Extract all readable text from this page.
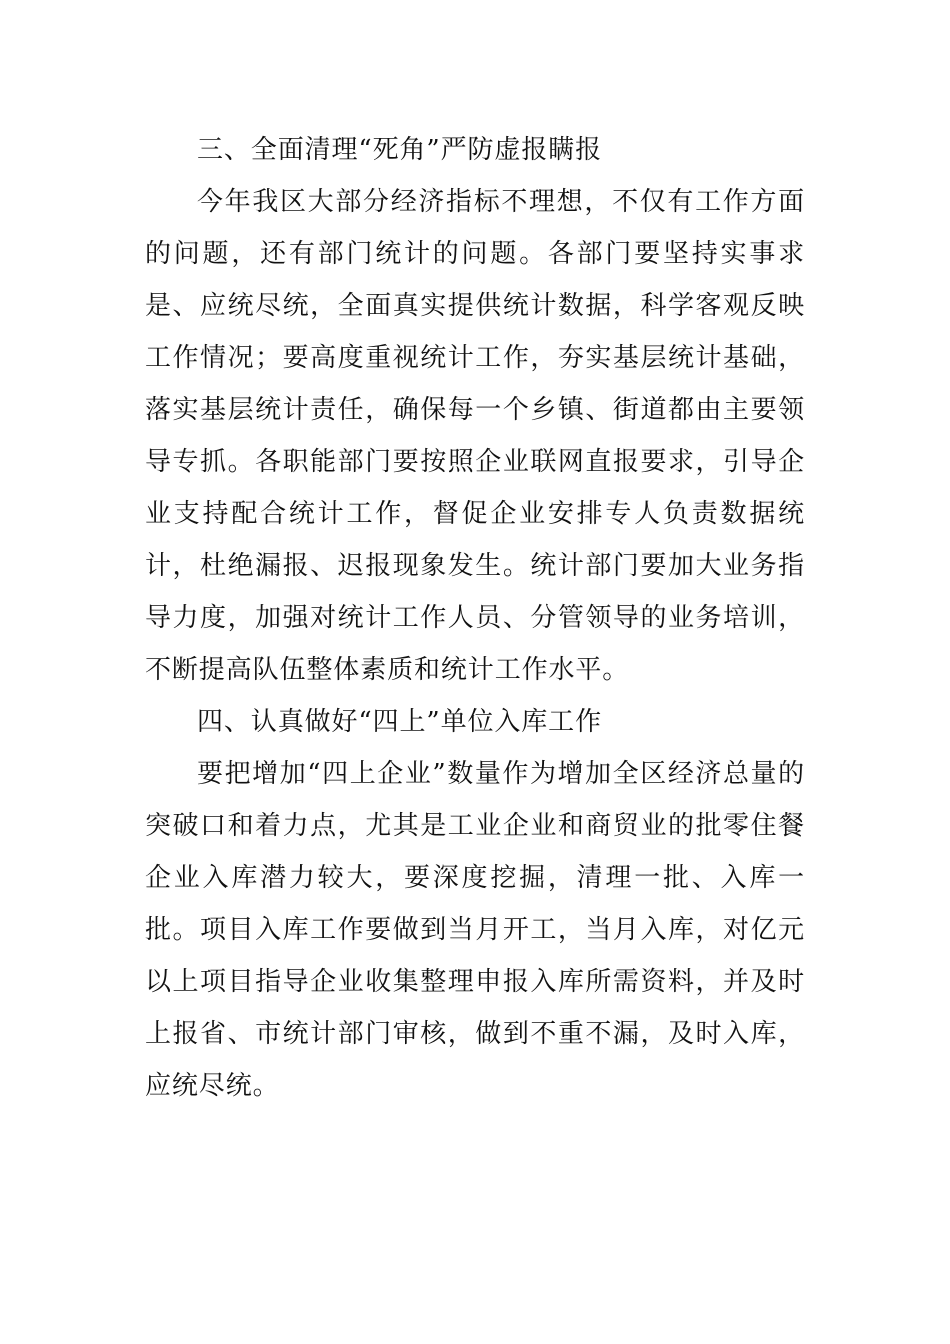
三、全面清理“死角”严防虚报瞒报

今年我区大部分经济指标不理想，不仅有工作方面的问题，还有部门统计的问题。各部门要坚持实事求是、应统尽统，全面真实提供统计数据，科学客观反映工作情况；要高度重视统计工作，夯实基层统计基础，落实基层统计责任，确保每一个乡镇、街道都由主要领导专抓。各职能部门要按照企业联网直报要求，引导企业支持配合统计工作，督促企业安排专人负责数据统计，杜绝漏报、迟报现象发生。统计部门要加大业务指导力度，加强对统计工作人员、分管领导的业务培训，不断提高队伍整体素质和统计工作水平。

四、认真做好“四上”单位入库工作

要把增加“四上企业”数量作为增加全区经济总量的突破口和着力点，尤其是工业企业和商贸业的批零住餐企业入库潜力较大，要深度挖掘，清理一批、入库一批。项目入库工作要做到当月开工，当月入库，对亿元以上项目指导企业收集整理申报入库所需资料，并及时上报省、市统计部门审核，做到不重不漏，及时入库，应统尽统。
